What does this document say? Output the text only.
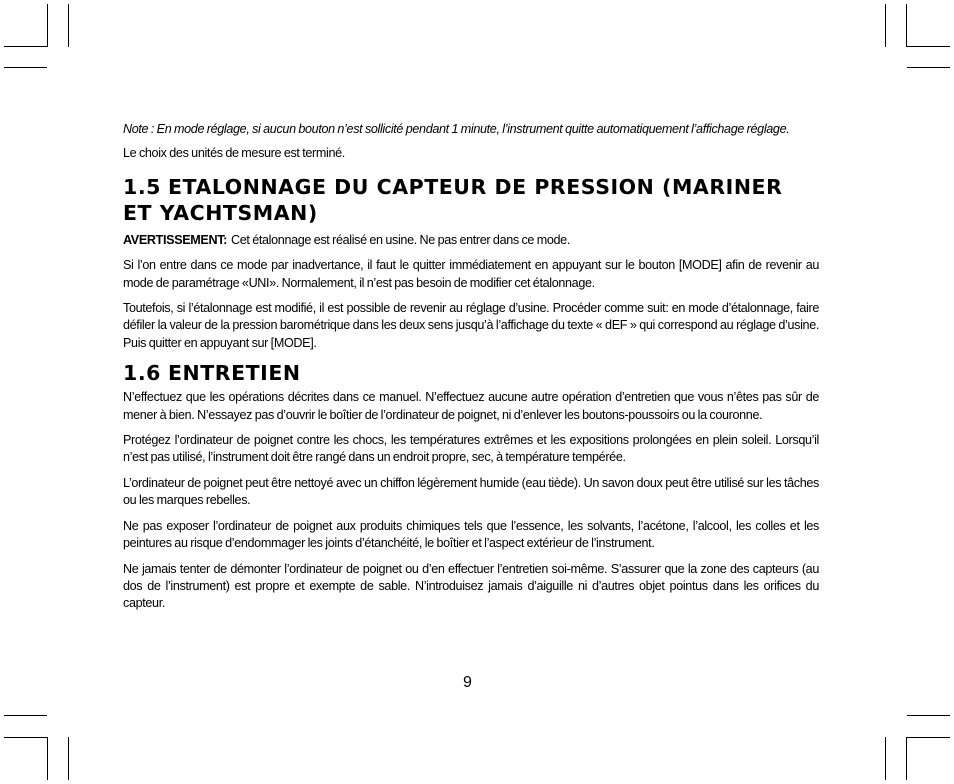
Note : En mode réglage, si aucun bouton n’est sollicité pendant 1 minute, l’instrument quitte automatiquement l’affichage réglage.

Le choix des unités de mesure est terminé.

1.5 ETALONNAGE DU CAPTEUR DE PRESSION (MARINER ET YACHTSMAN)

AVERTISSEMENT: Cet étalonnage est réalisé en usine. Ne pas entrer dans ce mode.

Si l’on entre dans ce mode par inadvertance, il faut le quitter immédiatement en appuyant sur le bouton [MODE] afin de revenir au mode de paramétrage «UNI». Normalement, il n’est pas besoin de modifier cet étalonnage.

Toutefois, si l’étalonnage est modifié, il est possible de revenir au réglage d’usine. Procéder comme suit: en mode d’étalonnage, faire défiler la valeur de la pression barométrique dans les deux sens jusqu’à l’affichage du texte « dEF » qui correspond au réglage d’usine. Puis quitter en appuyant sur [MODE].

1.6 ENTRETIEN

N’effectuez que les opérations décrites dans ce manuel. N’effectuez aucune autre opération d’entretien que vous n’êtes pas sûr de mener à bien. N’essayez pas d’ouvrir le boîtier de l’ordinateur de poignet, ni d’enlever les boutons-poussoirs ou la couronne.

Protégez l’ordinateur de poignet contre les chocs, les températures extrêmes et les expositions prolongées en plein soleil. Lorsqu’il n’est pas utilisé, l’instrument doit être rangé dans un endroit propre, sec, à température tempérée.

L’ordinateur de poignet peut être nettoyé avec un chiffon légèrement humide (eau tiède). Un savon doux peut être utilisé sur les tâches ou les marques rebelles.

Ne pas exposer l’ordinateur de poignet aux produits chimiques tels que l’essence, les solvants, l’acétone, l’alcool, les colles et les peintures au risque d’endommager les joints d’étanchéité, le boîtier et l’aspect extérieur de l’instrument.

Ne jamais tenter de démonter l’ordinateur de poignet ou d’en effectuer l’entretien soi-même. S’assurer que la zone des capteurs (au dos de l’instrument) est propre et exempte de sable. N’introduisez jamais d’aiguille ni d’autres objet pointus dans les orifices du capteur.

9
